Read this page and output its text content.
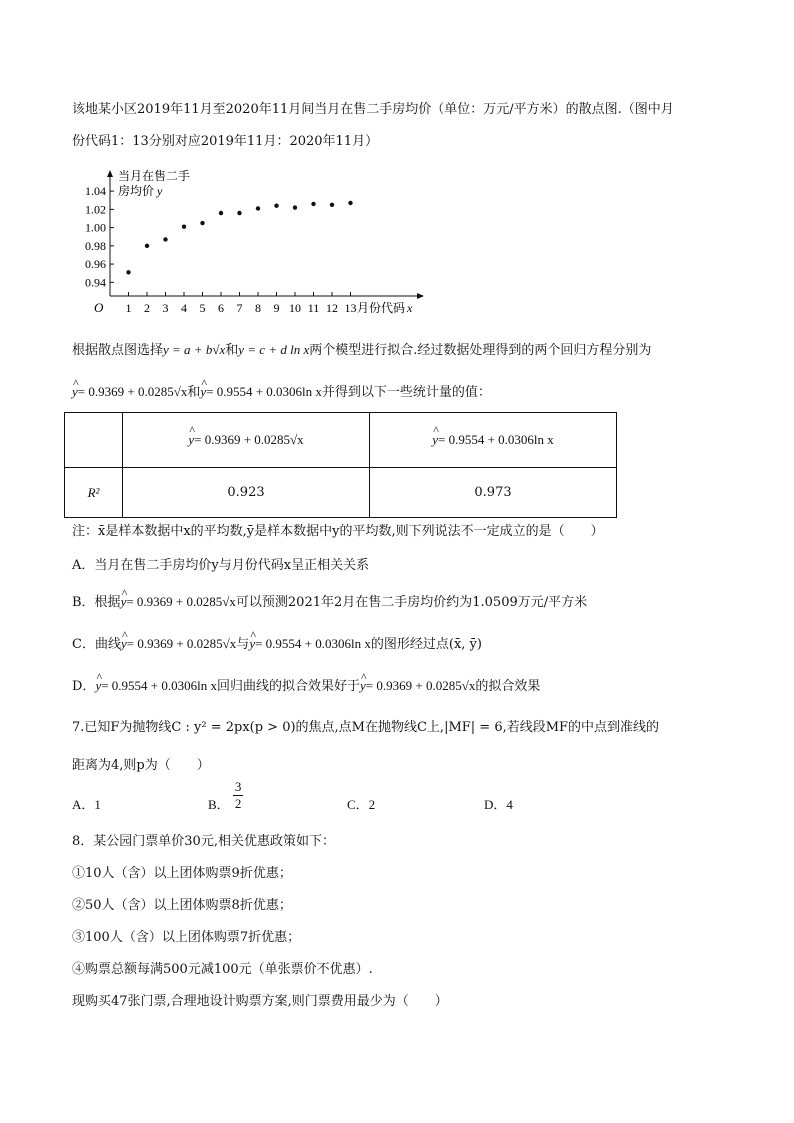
该地某小区2019年11月至2020年11月间当月在售二手房均价（单位：万元/平方米）的散点图.（图中月
份代码1：13分别对应2019年11月：2020年11月）
当月在售二手
房均价 y
0.94
0.96
0.98
1.00
1.02
1.04
1 2 3 4 5 6 7 8 9 10 11 12 13
O	月份代码 x
根据散点图选择y = a + b√x和y = c + d ln x两个模型进行拟合.经过数据处理得到的两个回归方程分别为
^ y= 0.9369 + 0.0285√x和^ y= 0.9554 + 0.0306ln x并得到以下一些统计量的值：
	^ y= 0.9369 + 0.0285√x	^ y= 0.9554 + 0.0306ln x
R²	0.923	0.973
注：x̄是样本数据中x的平均数,ȳ是样本数据中y的平均数,则下列说法不一定成立的是（　　）
A．当月在售二手房均价y与月份代码x呈正相关关系
B．根据^ y= 0.9369 + 0.0285√x可以预测2021年2月在售二手房均价约为1.0509万元/平方米
C．曲线^ y= 0.9369 + 0.0285√x与^ y= 0.9554 + 0.0306ln x的图形经过点(x̄, ȳ)
D．^ y= 0.9554 + 0.0306ln x回归曲线的拟合效果好于^ y= 0.9369 + 0.0285√x的拟合效果
7.已知F为抛物线C : y² = 2px(p > 0)的焦点,点M在抛物线C上,|MF| = 6,若线段MF的中点到准线的
距离为4,则p为（　　）
A．1	B． $\frac{3}{2}$	C．2	D．4
8．某公园门票单价30元,相关优惠政策如下：
①10人（含）以上团体购票9折优惠；
②50人（含）以上团体购票8折优惠；
③100人（含）以上团体购票7折优惠；
④购票总额每满500元减100元（单张票价不优惠）.
现购买47张门票,合理地设计购票方案,则门票费用最少为（　　）
